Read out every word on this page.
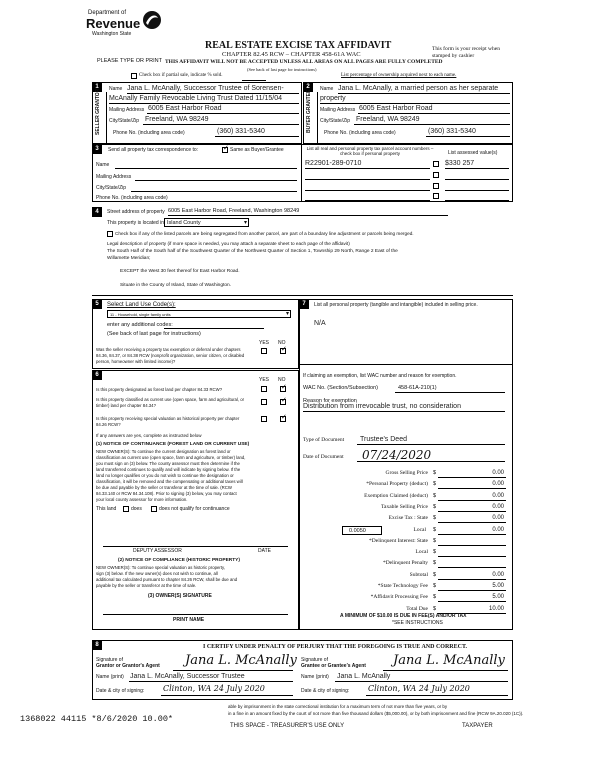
Department of
Revenue
Washington State
REAL ESTATE EXCISE TAX AFFIDAVIT
CHAPTER 82.45 RCW – CHAPTER 458-61A WAC
THIS AFFIDAVIT WILL NOT BE ACCEPTED UNLESS ALL AREAS ON ALL PAGES ARE FULLY COMPLETED
(See back of last page for instructions)
PLEASE TYPE OR PRINT
This form is your receipt when stamped by cashier
Check box if partial sale, indicate % sold.	List percentage of ownership acquired next to each name.
1
SELLER GRANTOR Name Jana L. McAnally, Successor Trustee of Sorensen-
McAnally Family Revocable Living Trust Dated 11/15/04
Mailing Address 6005 East Harbor Road
City/State/Zip Freeland, WA 98249
Phone No. (including area code)	(360) 331-5340
2
BUYER GRANTEE
Name Jana L. McAnally, a married person as her separate
property
Mailing Address 6005 East Harbor Road
City/State/Zip Freeland, WA 98249
Phone No. (including area code)	(360) 331-5340
3	Send all property tax correspondence to:
✓	Same as Buyer/Grantee
Name
Mailing Address
City/State/Zip
Phone No. (including area code)
List all real and personal property tax parcel account numbers – check box if personal property	List assessed value(s)
R22901-289-0710	$330 257
4	Street address of property 6005 East Harbor Road, Freeland, Washington 98249
This property is located in Island County	▾
Check box if any of the listed parcels are being segregated from another parcel, are part of a boundary line adjustment or parcels being merged.
Legal description of property (if more space is needed, you may attach a separate sheet to each page of the affidavit)
The South Half of the South half of the Southwest Quarter of the Northwest Quarter of Section 1, Township 29 North, Range 2 East of the
Willamette Meridian;
EXCEPT the West 30 feet thereof for East Harbor Road.
Situate in the County of Island, State of Washington.
5	Select Land Use Code(s):
11 - Household, single family units	▾
enter any additional codes:
(See back of last page for instructions)
YES NO
Was the seller receiving a property tax exemption or deferral under chapters 84.36, 84.37, or 84.38 RCW (nonprofit organization, senior citizen, or disabled person, homeowner with limited income)?
✓
6
YES NO
Is this property designated as forest land per chapter 84.33 RCW?
✓
Is this property classified as current use (open space, farm and agricultural, or timber) land per chapter 84.34?
✓
Is this property receiving special valuation as historical property per chapter 84.26 RCW?
✓
If any answers are yes, complete as instructed below
(1) NOTICE OF CONTINUANCE (FOREST LAND OR CURRENT USE)
NEW OWNER(S): To continue the current designation as forest land or
classification as current use (open space, farm and agriculture, or timber) land,
you must sign on (3) below. The county assessor must then determine if the
land transferred continues to qualify and will indicate by signing below. If the
land no longer qualifies or you do not wish to continue the designation or
classification, it will be removed and the compensating or additional taxes will
be due and payable by the seller or transferor at the time of sale. (RCW
84.33.140 or RCW 84.34.108). Prior to signing (3) below, you may contact
your local county assessor for more information.
This land	does	does not qualify for continuance
DEPUTY ASSESSOR	DATE
(2) NOTICE OF COMPLIANCE (HISTORIC PROPERTY)
NEW OWNER(S): To continue special valuation as historic property,
sign (3) below. If the new owner(s) does not wish to continue, all
additional tax calculated pursuant to chapter 84.26 RCW, shall be due and
payable by the seller or transferor at the time of sale.
(3) OWNER(S) SIGNATURE
PRINT NAME
7	List all personal property (tangible and intangible) included in selling price.
N/A
If claiming an exemption, list WAC number and reason for exemption.
WAC No. (Section/Subsection)	458-61A-210(1)
Reason for exemption
Distribution from irrevocable trust, no consideration
Type of Document Trustee's Deed
Date of Document 07/24/2020
Gross Selling Price $	0.00
*Personal Property (deduct) $	0.00
Exemption Claimed (deduct) $	0.00
Taxable Selling Price $	0.00
Excise Tax : State $	0.00
Local $	0.00
0.0050
*Delinquent Interest: State $
Local $
*Delinquent Penalty $
Subtotal $	0.00
*State Technology Fee $	5.00
*Affidavit Processing Fee $	5.00
Total Due $	10.00
A MINIMUM OF $10.00 IS DUE IN FEE(S) AND/OR TAX
*SEE INSTRUCTIONS
8	I CERTIFY UNDER PENALTY OF PERJURY THAT THE FOREGOING IS TRUE AND CORRECT.
Signature of
Grantor or Grantor's Agent Jana L. McAnally
Name (print) Jana L. McAnally, Successor Trustee
Date & city of signing: Clinton, WA 24 July 2020
Signature of
Grantee or Grantee's Agent Jana L. McAnally
Name (print) Jana L. McAnally
Date & city of signing: Clinton, WA 24 July 2020
1368022 44115 *8/6/2020 10.00*
able by imprisonment in the state correctional institution for a maximum term of not more than five years, or by
in a fine in an amount fixed by the court of not more than five thousand dollars ($5,000.00), or by both imprisonment and fine (RCW 9A.20.020 (1C)).
THIS SPACE - TREASURER'S USE ONLY	TAXPAYER
